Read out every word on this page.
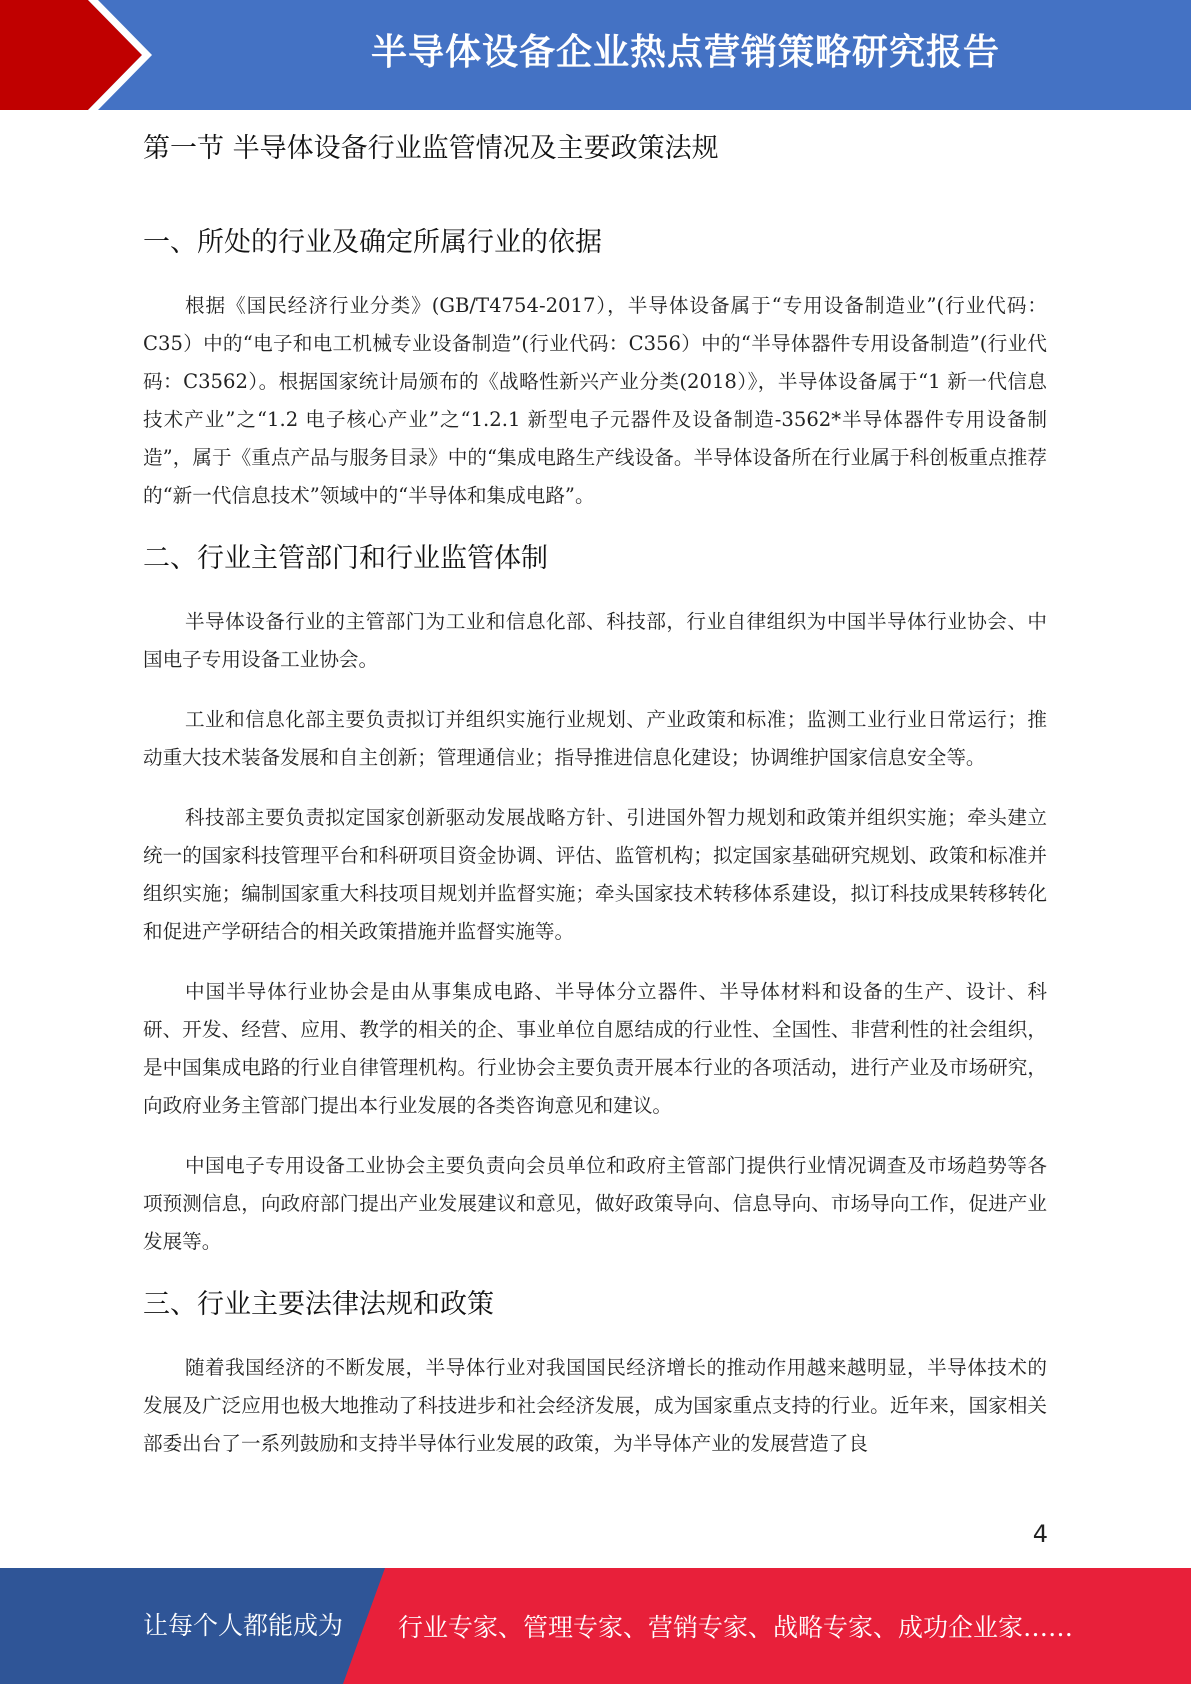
半导体设备企业热点营销策略研究报告
第一节 半导体设备行业监管情况及主要政策法规
一、所处的行业及确定所属行业的依据

根据《国民经济行业分类》(GB/T4754-2017），半导体设备属于“专用设备制造业”(行业代码：C35）中的“电子和电工机械专业设备制造”(行业代码：C356）中的“半导体器件专用设备制造”(行业代码：C3562）。根据国家统计局颁布的《战略性新兴产业分类(2018）》，半导体设备属于“1 新一代信息技术产业”之“1.2 电子核心产业”之“1.2.1 新型电子元器件及设备制造-3562*半导体器件专用设备制造”，属于《重点产品与服务目录》中的“集成电路生产线设备。半导体设备所在行业属于科创板重点推荐的“新一代信息技术”领域中的“半导体和集成电路”。

二、行业主管部门和行业监管体制

半导体设备行业的主管部门为工业和信息化部、科技部，行业自律组织为中国半导体行业协会、中国电子专用设备工业协会。

工业和信息化部主要负责拟订并组织实施行业规划、产业政策和标准；监测工业行业日常运行；推动重大技术装备发展和自主创新；管理通信业；指导推进信息化建设；协调维护国家信息安全等。

科技部主要负责拟定国家创新驱动发展战略方针、引进国外智力规划和政策并组织实施；牵头建立统一的国家科技管理平台和科研项目资金协调、评估、监管机构；拟定国家基础研究规划、政策和标准并组织实施；编制国家重大科技项目规划并监督实施；牵头国家技术转移体系建设，拟订科技成果转移转化和促进产学研结合的相关政策措施并监督实施等。

中国半导体行业协会是由从事集成电路、半导体分立器件、半导体材料和设备的生产、设计、科研、开发、经营、应用、教学的相关的企、事业单位自愿结成的行业性、全国性、非营利性的社会组织，是中国集成电路的行业自律管理机构。行业协会主要负责开展本行业的各项活动，进行产业及市场研究，向政府业务主管部门提出本行业发展的各类咨询意见和建议。

中国电子专用设备工业协会主要负责向会员单位和政府主管部门提供行业情况调查及市场趋势等各项预测信息，向政府部门提出产业发展建议和意见，做好政策导向、信息导向、市场导向工作，促进产业发展等。

三、行业主要法律法规和政策

随着我国经济的不断发展，半导体行业对我国国民经济增长的推动作用越来越明显，半导体技术的发展及广泛应用也极大地推动了科技进步和社会经济发展，成为国家重点支持的行业。近年来，国家相关部委出台了一系列鼓励和支持半导体行业发展的政策，为半导体产业的发展营造了良

4
让每个人都能成为 行业专家、管理专家、营销专家、战略专家、成功企业家……
